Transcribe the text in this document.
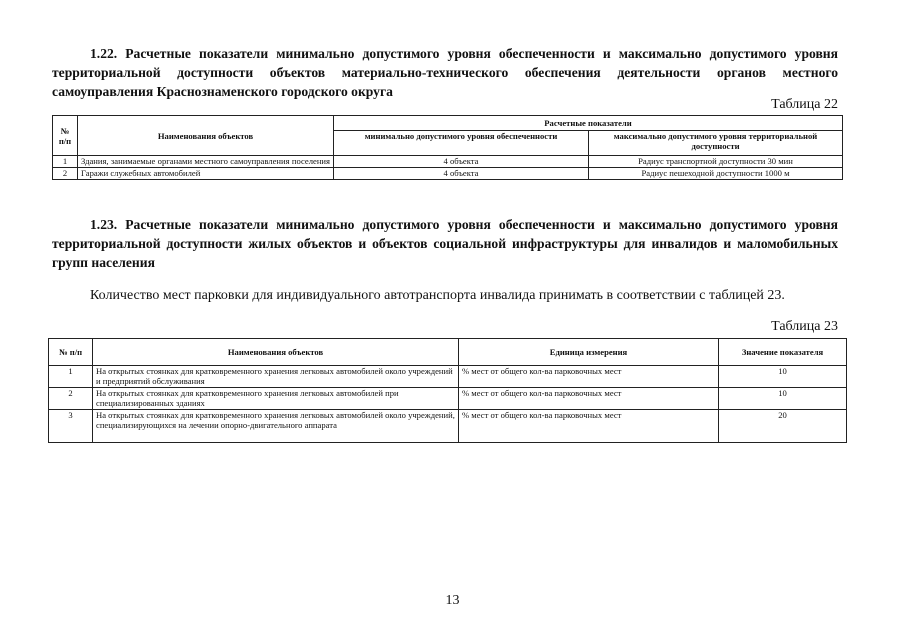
1.22. Расчетные показатели минимально допустимого уровня обеспеченности и максимально допустимого уровня территориальной доступности объектов материально-технического обеспечения деятельности органов местного самоуправления Краснознаменского городского округа

Таблица 22
№ п/п	Наименования объектов	Расчетные показатели	
		минимально допустимого уровня обеспеченности	максимально допустимого уровня территориальной доступности
1	Здания, занимаемые органами местного самоуправления поселения	4 объекта	Радиус транспортной доступности 30 мин
2	Гаражи служебных автомобилей	4 объекта	Радиус пешеходной доступности 1000 м

1.23. Расчетные показатели минимально допустимого уровня обеспеченности и максимально допустимого уровня территориальной доступности жилых объектов и объектов социальной инфраструктуры для инвалидов и маломобильных групп населения

Количество мест парковки для индивидуального автотранспорта инвалида принимать в соответствии с таблицей 23.

Таблица 23
№ п/п	Наименования объектов	Единица измерения	Значение показателя
1	На открытых стоянках для кратковременного хранения легковых автомобилей около учреждений и предприятий обслуживания	% мест от общего кол-ва парковочных мест	10
2	На открытых стоянках для кратковременного хранения легковых автомобилей при специализированных зданиях	% мест от общего кол-ва парковочных мест	10
3	На открытых стоянках для кратковременного хранения легковых автомобилей около учреждений, специализирующихся на лечении опорно-двигательного аппарата	% мест от общего кол-ва парковочных мест	20
13
